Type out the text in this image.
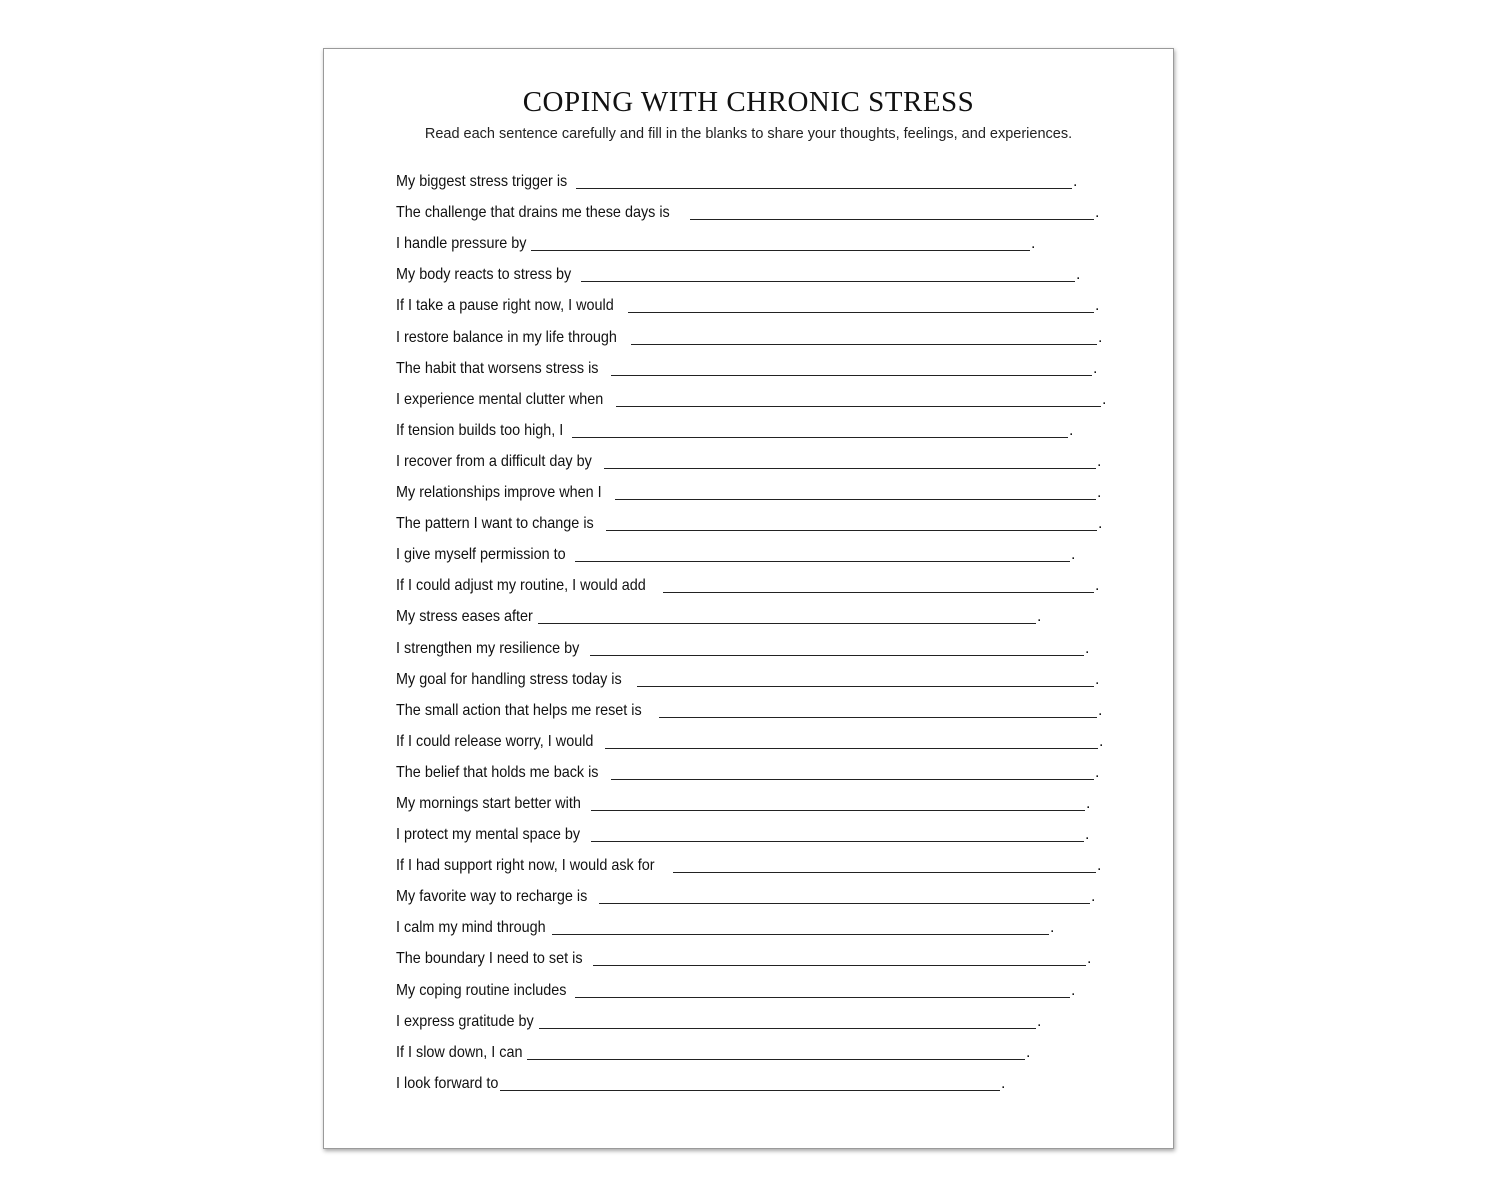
COPING WITH CHRONIC STRESS
Read each sentence carefully and fill in the blanks to share your thoughts, feelings, and experiences.
My biggest stress trigger is	.
The challenge that drains me these days is	.
I handle pressure by	.
My body reacts to stress by	.
If I take a pause right now, I would	.
I restore balance in my life through	.
The habit that worsens stress is	.
I experience mental clutter when	.
If tension builds too high, I	.
I recover from a difficult day by	.
My relationships improve when I	.
The pattern I want to change is	.
I give myself permission to	.
If I could adjust my routine, I would add	.
My stress eases after	.
I strengthen my resilience by	.
My goal for handling stress today is	.
The small action that helps me reset is	.
If I could release worry, I would	.
The belief that holds me back is	.
My mornings start better with	.
I protect my mental space by	.
If I had support right now, I would ask for	.
My favorite way to recharge is	.
I calm my mind through	.
The boundary I need to set is	.
My coping routine includes	.
I express gratitude by	.
If I slow down, I can	.
I look forward to	.
